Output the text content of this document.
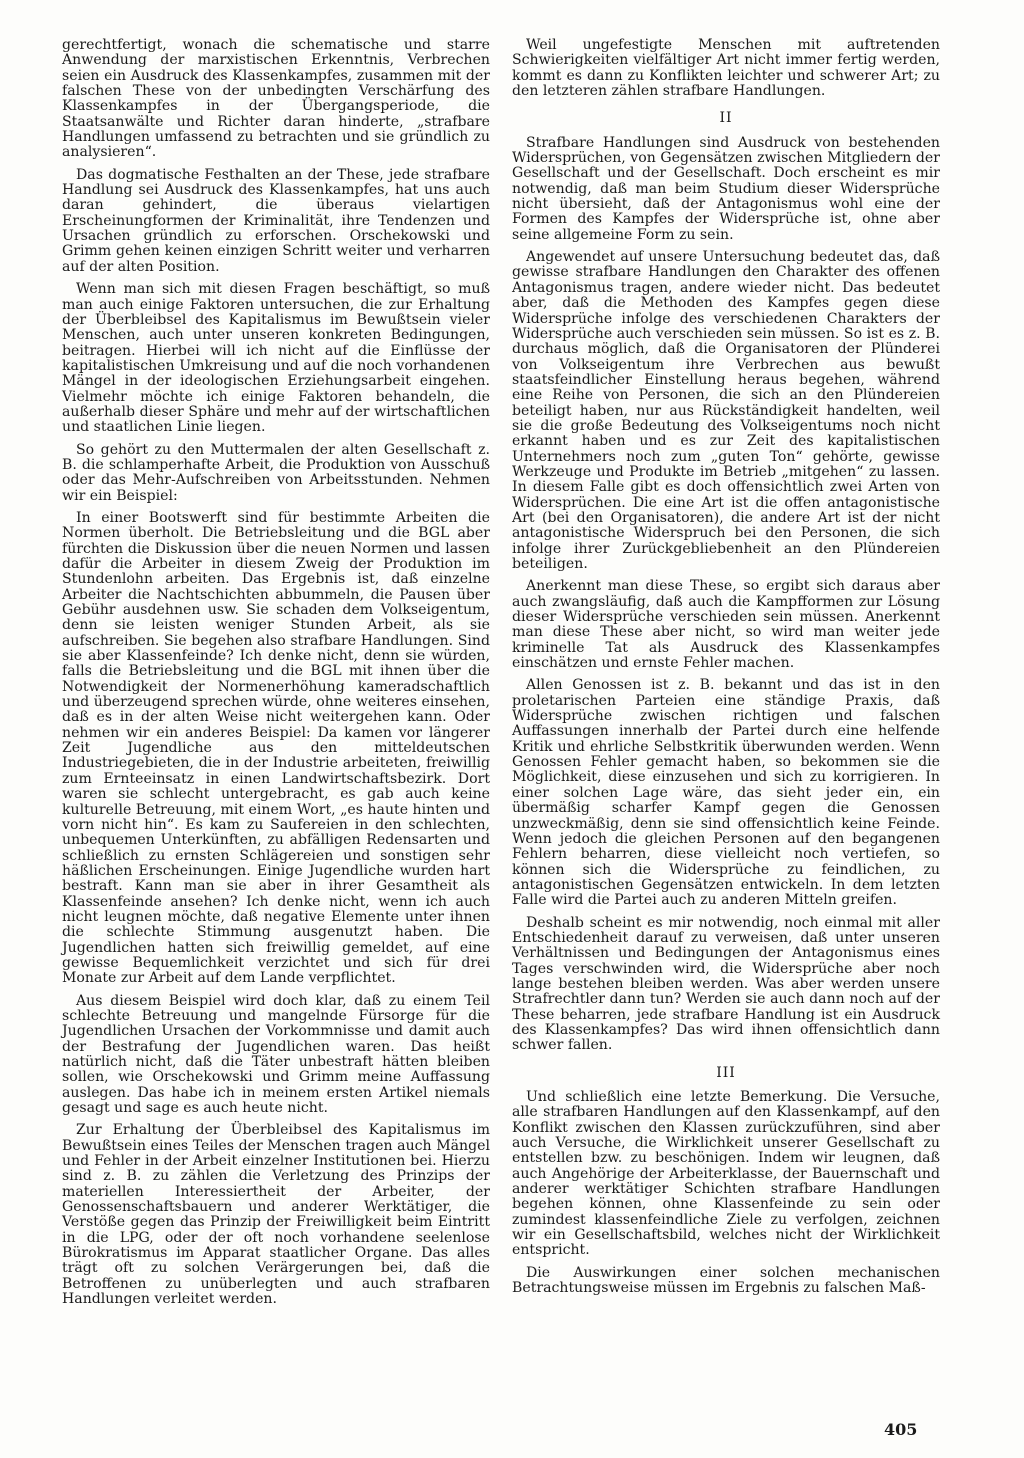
gerechtfertigt, wonach die schematische und starre Anwendung der marxistischen Erkenntnis, Verbrechen seien ein Ausdruck des Klassenkampfes, zusammen mit der falschen These von der unbedingten Verschärfung des Klassenkampfes in der Übergangsperiode, die Staatsanwälte und Richter daran hinderte, „strafbare Handlungen umfassend zu betrachten und sie gründlich zu analysieren“.

Das dogmatische Festhalten an der These, jede strafbare Handlung sei Ausdruck des Klassenkampfes, hat uns auch daran gehindert, die überaus vielartigen Erscheinungformen der Kriminalität, ihre Tendenzen und Ursachen gründlich zu erforschen. Orschekowski und Grimm gehen keinen einzigen Schritt weiter und verharren auf der alten Position.

Wenn man sich mit diesen Fragen beschäftigt, so muß man auch einige Faktoren untersuchen, die zur Erhaltung der Überbleibsel des Kapitalismus im Bewußtsein vieler Menschen, auch unter unseren konkreten Bedingungen, beitragen. Hierbei will ich nicht auf die Einflüsse der kapitalistischen Umkreisung und auf die noch vorhandenen Mängel in der ideologischen Erziehungsarbeit eingehen. Vielmehr möchte ich einige Faktoren behandeln, die außerhalb dieser Sphäre und mehr auf der wirtschaftlichen und staatlichen Linie liegen.

So gehört zu den Muttermalen der alten Gesellschaft z. B. die schlamperhafte Arbeit, die Produktion von Ausschuß oder das Mehr-Aufschreiben von Arbeitsstunden. Nehmen wir ein Beispiel:

In einer Bootswerft sind für bestimmte Arbeiten die Normen überholt. Die Betriebsleitung und die BGL aber fürchten die Diskussion über die neuen Normen und lassen dafür die Arbeiter in diesem Zweig der Produktion im Stundenlohn arbeiten. Das Ergebnis ist, daß einzelne Arbeiter die Nachtschichten abbummeln, die Pausen über Gebühr ausdehnen usw. Sie schaden dem Volkseigentum, denn sie leisten weniger Stunden Arbeit, als sie aufschreiben. Sie begehen also strafbare Handlungen. Sind sie aber Klassenfeinde? Ich denke nicht, denn sie würden, falls die Betriebsleitung und die BGL mit ihnen über die Notwendigkeit der Normenerhöhung kameradschaftlich und überzeugend sprechen würde, ohne weiteres einsehen, daß es in der alten Weise nicht weitergehen kann. Oder nehmen wir ein anderes Beispiel: Da kamen vor längerer Zeit Jugendliche aus den mitteldeutschen Industriegebieten, die in der Industrie arbeiteten, freiwillig zum Ernteeinsatz in einen Landwirtschaftsbezirk. Dort waren sie schlecht untergebracht, es gab auch keine kulturelle Betreuung, mit einem Wort, „es haute hinten und vorn nicht hin“. Es kam zu Saufereien in den schlechten, unbequemen Unterkünften, zu abfälligen Redensarten und schließlich zu ernsten Schlägereien und sonstigen sehr häßlichen Erscheinungen. Einige Jugendliche wurden hart bestraft. Kann man sie aber in ihrer Gesamtheit als Klassenfeinde ansehen? Ich denke nicht, wenn ich auch nicht leugnen möchte, daß negative Elemente unter ihnen die schlechte Stimmung ausgenutzt haben. Die Jugendlichen hatten sich freiwillig gemeldet, auf eine gewisse Bequemlichkeit verzichtet und sich für drei Monate zur Arbeit auf dem Lande verpflichtet.

Aus diesem Beispiel wird doch klar, daß zu einem Teil schlechte Betreuung und mangelnde Fürsorge für die Jugendlichen Ursachen der Vorkommnisse und damit auch der Bestrafung der Jugendlichen waren. Das heißt natürlich nicht, daß die Täter unbestraft hätten bleiben sollen, wie Orschekowski und Grimm meine Auffassung auslegen. Das habe ich in meinem ersten Artikel niemals gesagt und sage es auch heute nicht.

Zur Erhaltung der Überbleibsel des Kapitalismus im Bewußtsein eines Teiles der Menschen tragen auch Mängel und Fehler in der Arbeit einzelner Institutionen bei. Hierzu sind z. B. zu zählen die Verletzung des Prinzips der materiellen Interessiertheit der Arbeiter, der Genossenschaftsbauern und anderer Werktätiger, die Verstöße gegen das Prinzip der Freiwilligkeit beim Eintritt in die LPG, oder der oft noch vorhandene seelenlose Bürokratismus im Apparat staatlicher Organe. Das alles trägt oft zu solchen Verärgerungen bei, daß die Betroffenen zu unüberlegten und auch strafbaren Handlungen verleitet werden.

Weil ungefestigte Menschen mit auftretenden Schwierigkeiten vielfältiger Art nicht immer fertig werden, kommt es dann zu Konflikten leichter und schwerer Art; zu den letzteren zählen strafbare Handlungen.

II

Strafbare Handlungen sind Ausdruck von bestehenden Widersprüchen, von Gegensätzen zwischen Mitgliedern der Gesellschaft und der Gesellschaft. Doch erscheint es mir notwendig, daß man beim Studium dieser Widersprüche nicht übersieht, daß der Antagonismus wohl eine der Formen des Kampfes der Widersprüche ist, ohne aber seine allgemeine Form zu sein.

Angewendet auf unsere Untersuchung bedeutet das, daß gewisse strafbare Handlungen den Charakter des offenen Antagonismus tragen, andere wieder nicht. Das bedeutet aber, daß die Methoden des Kampfes gegen diese Widersprüche infolge des verschiedenen Charakters der Widersprüche auch verschieden sein müssen. So ist es z. B. durchaus möglich, daß die Organisatoren der Plünderei von Volkseigentum ihre Verbrechen aus bewußt staatsfeindlicher Einstellung heraus begehen, während eine Reihe von Personen, die sich an den Plündereien beteiligt haben, nur aus Rückständigkeit handelten, weil sie die große Bedeutung des Volkseigentums noch nicht erkannt haben und es zur Zeit des kapitalistischen Unternehmers noch zum „guten Ton“ gehörte, gewisse Werkzeuge und Produkte im Betrieb „mitgehen“ zu lassen. In diesem Falle gibt es doch offensichtlich zwei Arten von Widersprüchen. Die eine Art ist die offen antagonistische Art (bei den Organisatoren), die andere Art ist der nicht antagonistische Widerspruch bei den Personen, die sich infolge ihrer Zurückgebliebenheit an den Plündereien beteiligen.

Anerkennt man diese These, so ergibt sich daraus aber auch zwangsläufig, daß auch die Kampfformen zur Lösung dieser Widersprüche verschieden sein müssen. Anerkennt man diese These aber nicht, so wird man weiter jede kriminelle Tat als Ausdruck des Klassenkampfes einschätzen und ernste Fehler machen.

Allen Genossen ist z. B. bekannt und das ist in den proletarischen Parteien eine ständige Praxis, daß Widersprüche zwischen richtigen und falschen Auffassungen innerhalb der Partei durch eine helfende Kritik und ehrliche Selbstkritik überwunden werden. Wenn Genossen Fehler gemacht haben, so bekommen sie die Möglichkeit, diese einzusehen und sich zu korrigieren. In einer solchen Lage wäre, das sieht jeder ein, ein übermäßig scharfer Kampf gegen die Genossen unzweckmäßig, denn sie sind offensichtlich keine Feinde. Wenn jedoch die gleichen Personen auf den begangenen Fehlern beharren, diese vielleicht noch vertiefen, so können sich die Widersprüche zu feindlichen, zu antagonistischen Gegensätzen entwickeln. In dem letzten Falle wird die Partei auch zu anderen Mitteln greifen.

Deshalb scheint es mir notwendig, noch einmal mit aller Entschiedenheit darauf zu verweisen, daß unter unseren Verhältnissen und Bedingungen der Antagonismus eines Tages verschwinden wird, die Widersprüche aber noch lange bestehen bleiben werden. Was aber werden unsere Strafrechtler dann tun? Werden sie auch dann noch auf der These beharren, jede strafbare Handlung ist ein Ausdruck des Klassenkampfes? Das wird ihnen offensichtlich dann schwer fallen.

III

Und schließlich eine letzte Bemerkung. Die Versuche, alle strafbaren Handlungen auf den Klassenkampf, auf den Konflikt zwischen den Klassen zurückzuführen, sind aber auch Versuche, die Wirklichkeit unserer Gesellschaft zu entstellen bzw. zu beschönigen. Indem wir leugnen, daß auch Angehörige der Arbeiterklasse, der Bauernschaft und anderer werktätiger Schichten strafbare Handlungen begehen können, ohne Klassenfeinde zu sein oder zumindest klassenfeindliche Ziele zu verfolgen, zeichnen wir ein Gesellschaftsbild, welches nicht der Wirklichkeit entspricht.

Die Auswirkungen einer solchen mechanischen Betrachtungsweise müssen im Ergebnis zu falschen Maß-

405
